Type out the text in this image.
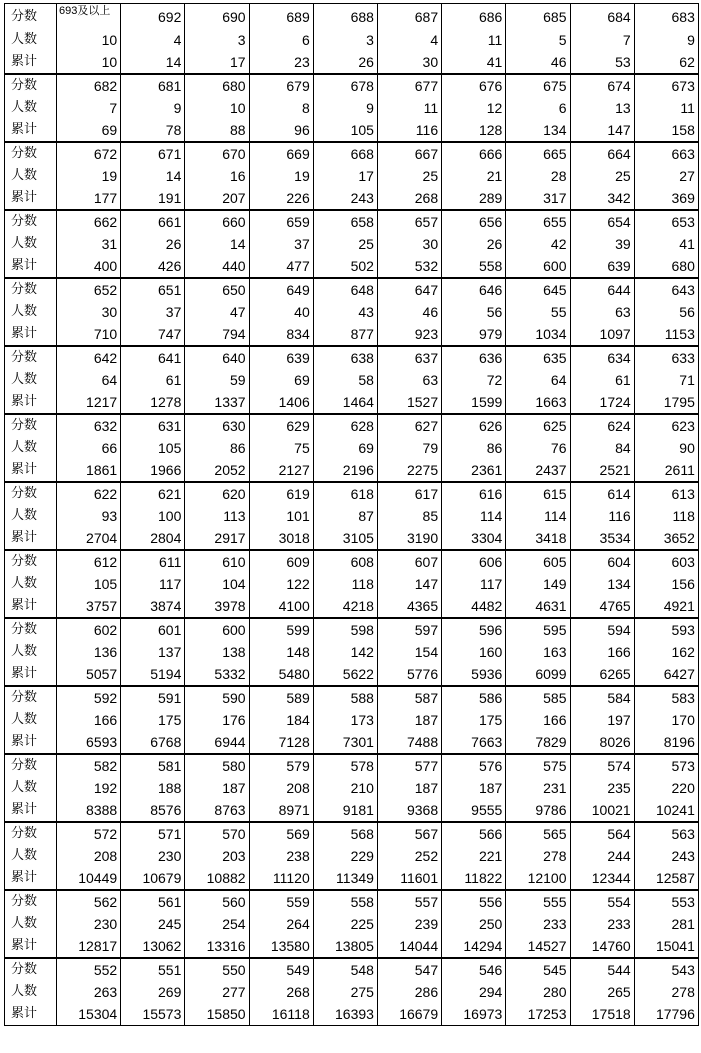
分数	693及以上	692	690	689	688	687	686	685	684	683
人数	10	4	3	6	3	4	11	5	7	9
累计	10	14	17	23	26	30	41	46	53	62
分数	682	681	680	679	678	677	676	675	674	673
人数	7	9	10	8	9	11	12	6	13	11
累计	69	78	88	96	105	116	128	134	147	158
分数	672	671	670	669	668	667	666	665	664	663
人数	19	14	16	19	17	25	21	28	25	27
累计	177	191	207	226	243	268	289	317	342	369
分数	662	661	660	659	658	657	656	655	654	653
人数	31	26	14	37	25	30	26	42	39	41
累计	400	426	440	477	502	532	558	600	639	680
分数	652	651	650	649	648	647	646	645	644	643
人数	30	37	47	40	43	46	56	55	63	56
累计	710	747	794	834	877	923	979	1034	1097	1153
分数	642	641	640	639	638	637	636	635	634	633
人数	64	61	59	69	58	63	72	64	61	71
累计	1217	1278	1337	1406	1464	1527	1599	1663	1724	1795
分数	632	631	630	629	628	627	626	625	624	623
人数	66	105	86	75	69	79	86	76	84	90
累计	1861	1966	2052	2127	2196	2275	2361	2437	2521	2611
分数	622	621	620	619	618	617	616	615	614	613
人数	93	100	113	101	87	85	114	114	116	118
累计	2704	2804	2917	3018	3105	3190	3304	3418	3534	3652
分数	612	611	610	609	608	607	606	605	604	603
人数	105	117	104	122	118	147	117	149	134	156
累计	3757	3874	3978	4100	4218	4365	4482	4631	4765	4921
分数	602	601	600	599	598	597	596	595	594	593
人数	136	137	138	148	142	154	160	163	166	162
累计	5057	5194	5332	5480	5622	5776	5936	6099	6265	6427
分数	592	591	590	589	588	587	586	585	584	583
人数	166	175	176	184	173	187	175	166	197	170
累计	6593	6768	6944	7128	7301	7488	7663	7829	8026	8196
分数	582	581	580	579	578	577	576	575	574	573
人数	192	188	187	208	210	187	187	231	235	220
累计	8388	8576	8763	8971	9181	9368	9555	9786	10021	10241
分数	572	571	570	569	568	567	566	565	564	563
人数	208	230	203	238	229	252	221	278	244	243
累计	10449	10679	10882	11120	11349	11601	11822	12100	12344	12587
分数	562	561	560	559	558	557	556	555	554	553
人数	230	245	254	264	225	239	250	233	233	281
累计	12817	13062	13316	13580	13805	14044	14294	14527	14760	15041
分数	552	551	550	549	548	547	546	545	544	543
人数	263	269	277	268	275	286	294	280	265	278
累计	15304	15573	15850	16118	16393	16679	16973	17253	17518	17796
